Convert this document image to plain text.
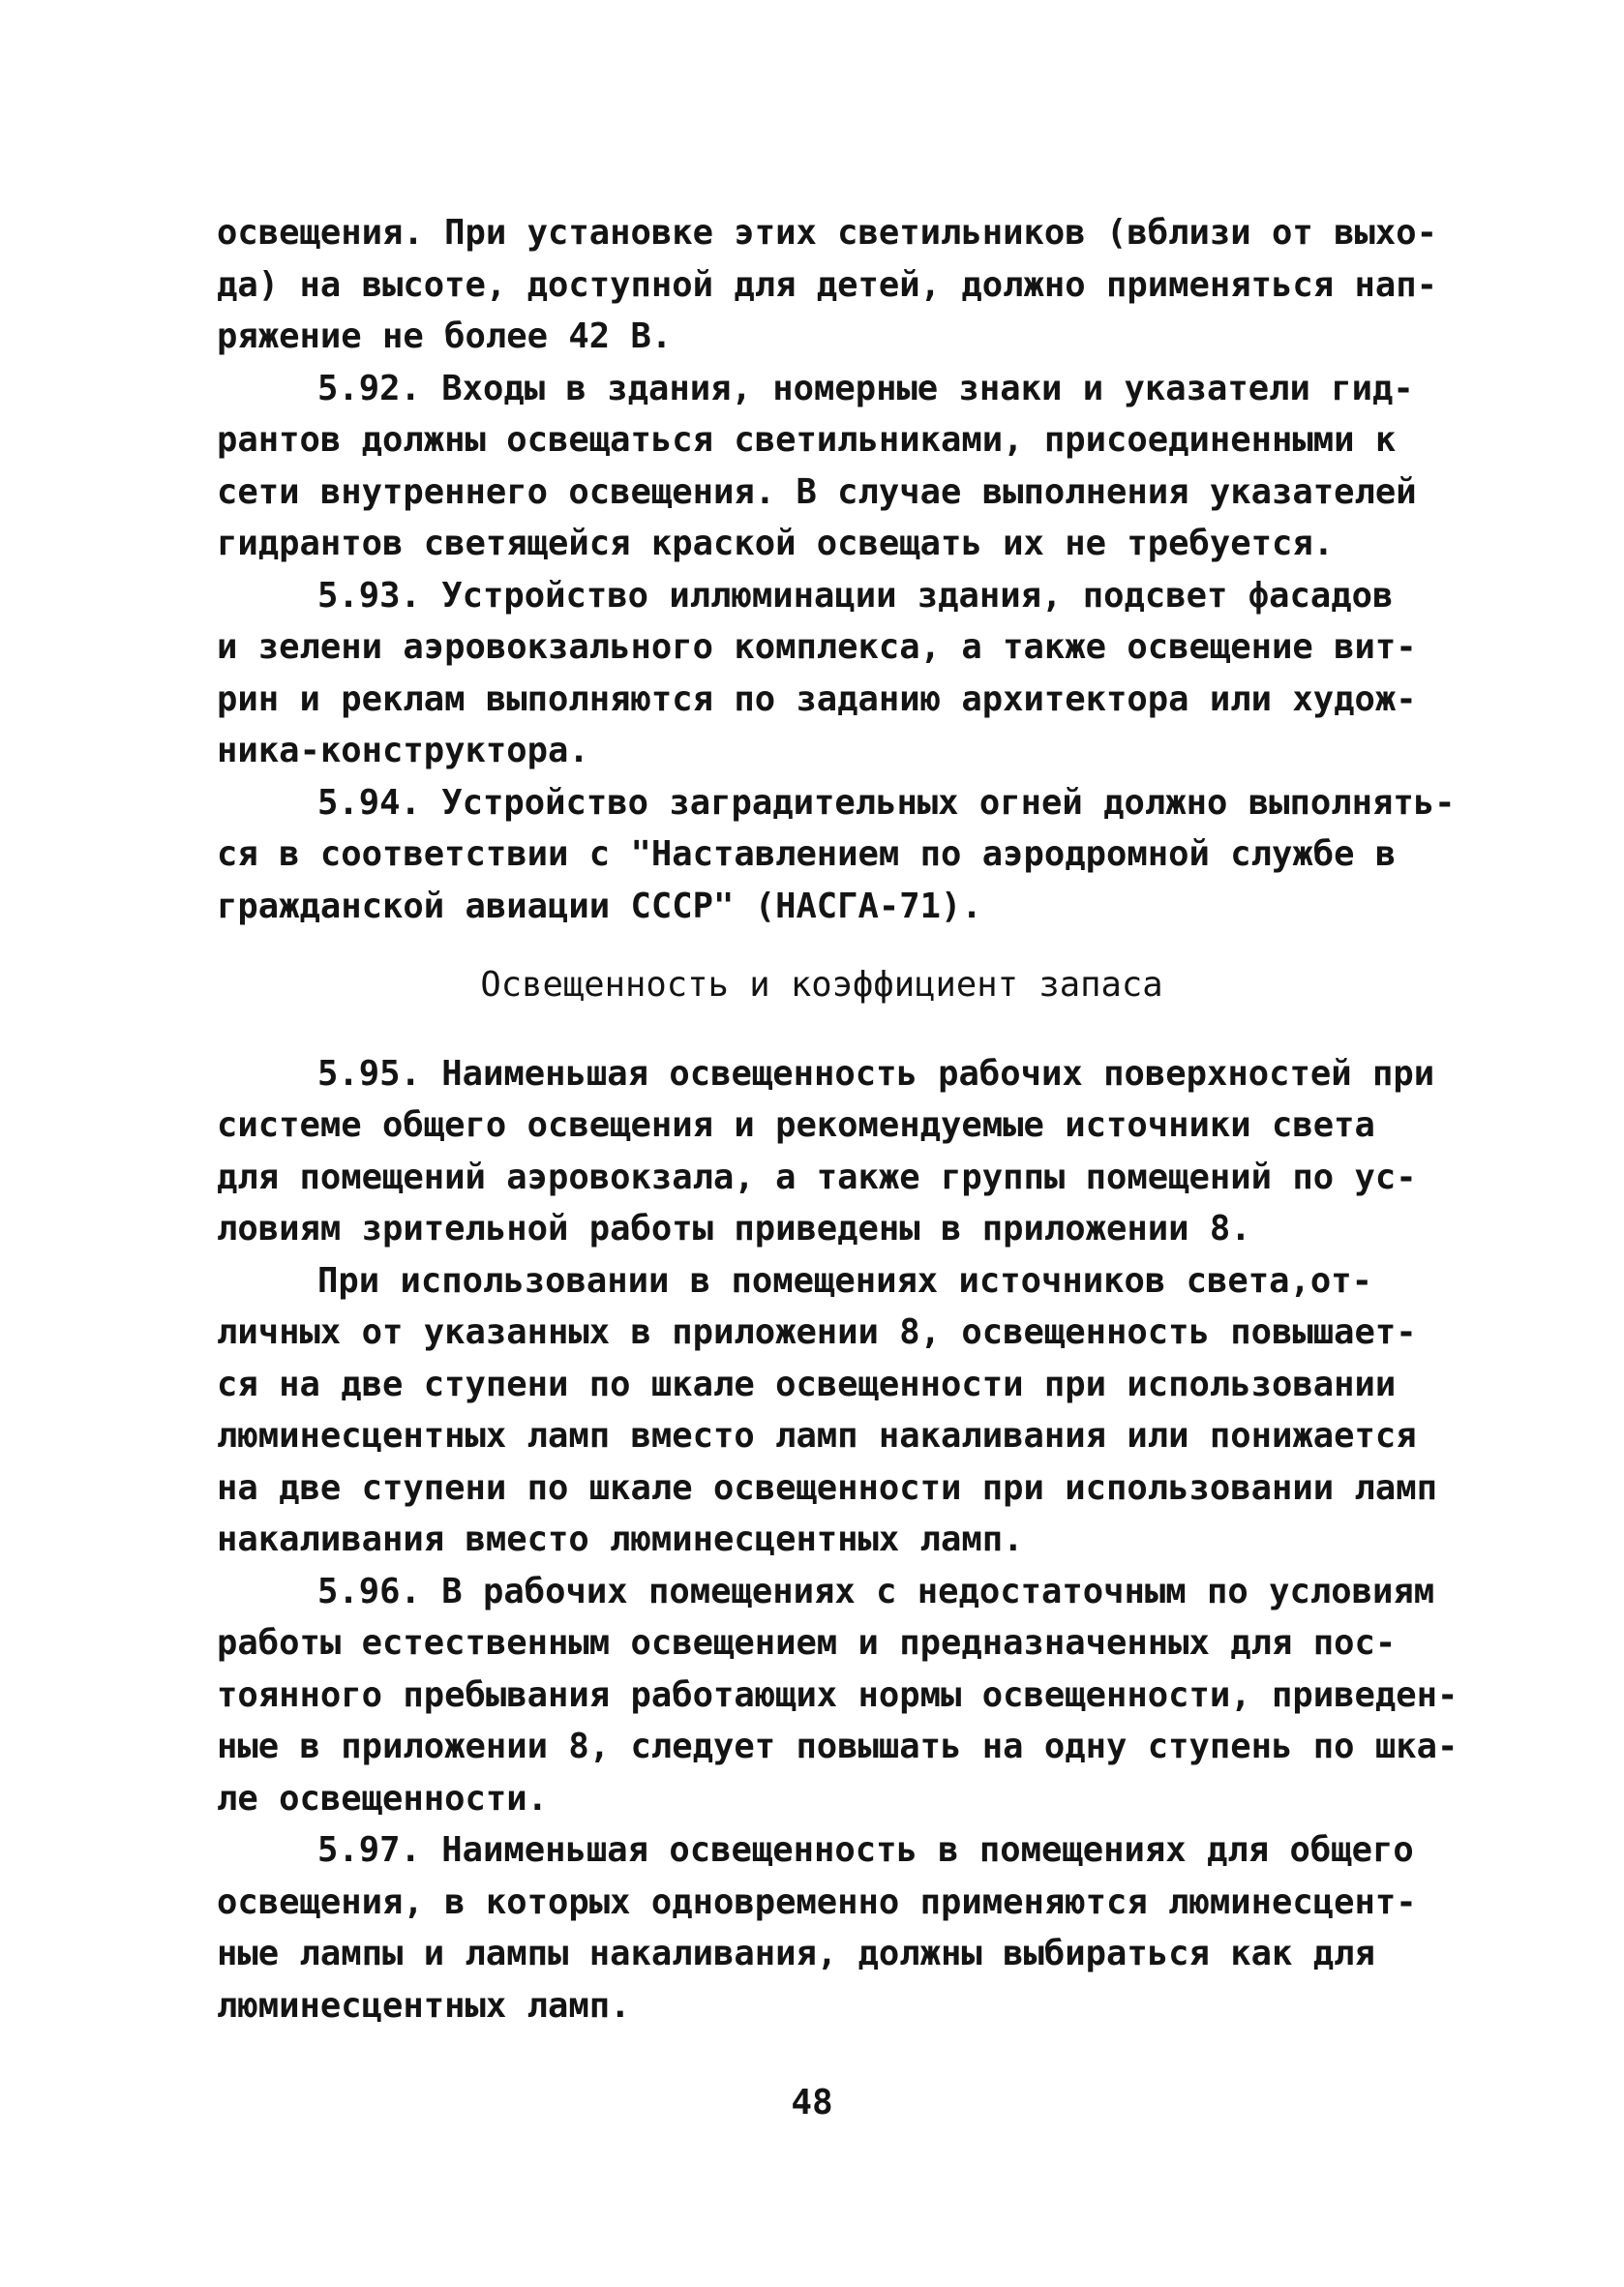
освещения. При установке этих светильников (вблизи от выхо-
да) на высоте, доступной для детей, должно применяться нап-
ряжение не более 42 В.
5.92. Входы в здания, номерные знаки и указатели гид-
рантов должны освещаться светильниками, присоединенными к
сети внутреннего освещения. В случае выполнения указателей
гидрантов светящейся краской освещать их не требуется.
5.93. Устройство иллюминации здания, подсвет фасадов
и зелени аэровокзального комплекса, а также освещение вит-
рин и реклам выполняются по заданию архитектора или худож-
ника-конструктора.
5.94. Устройство заградительных огней должно выполнять-
ся в соответствии с "Наставлением по аэродромной службе в
гражданской авиации СССР" (НАСГА-71).
Освещенность и коэффициент запаса
5.95. Наименьшая освещенность рабочих поверхностей при
системе общего освещения и рекомендуемые источники света
для помещений аэровокзала, а также группы помещений по ус-
ловиям зрительной работы приведены в приложении 8.
При использовании в помещениях источников света,от-
личных от указанных в приложении 8, освещенность повышает-
ся на две ступени по шкале освещенности при использовании
люминесцентных ламп вместо ламп накаливания или понижается
на две ступени по шкале освещенности при использовании ламп
накаливания вместо люминесцентных ламп.
5.96. В рабочих помещениях с недостаточным по условиям
работы естественным освещением и предназначенных для пос-
тоянного пребывания работающих нормы освещенности, приведен-
ные в приложении 8, следует повышать на одну ступень по шка-
ле освещенности.
5.97. Наименьшая освещенность в помещениях для общего
освещения, в которых одновременно применяются люминесцент-
ные лампы и лампы накаливания, должны выбираться как для
люминесцентных ламп.
48
